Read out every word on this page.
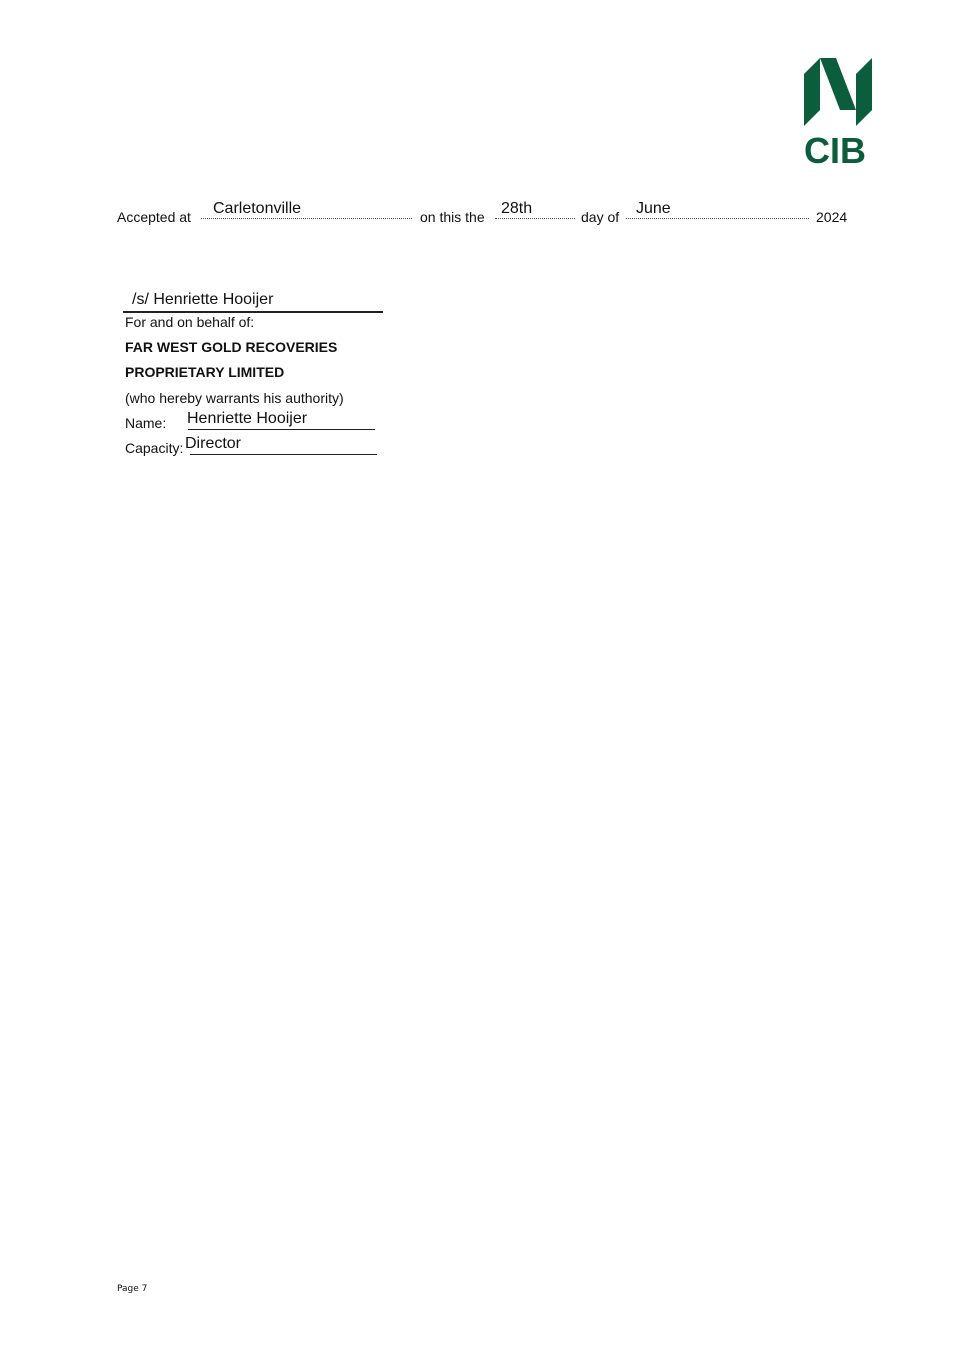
CIB
Accepted at Carletonville	on this the 28th	day of June	2024
/s/ Henriette Hooijer
For and on behalf of:
FAR WEST GOLD RECOVERIES
PROPRIETARY LIMITED
(who hereby warrants his authority)
Name: Henriette Hooijer
Capacity: Director
Page 7
